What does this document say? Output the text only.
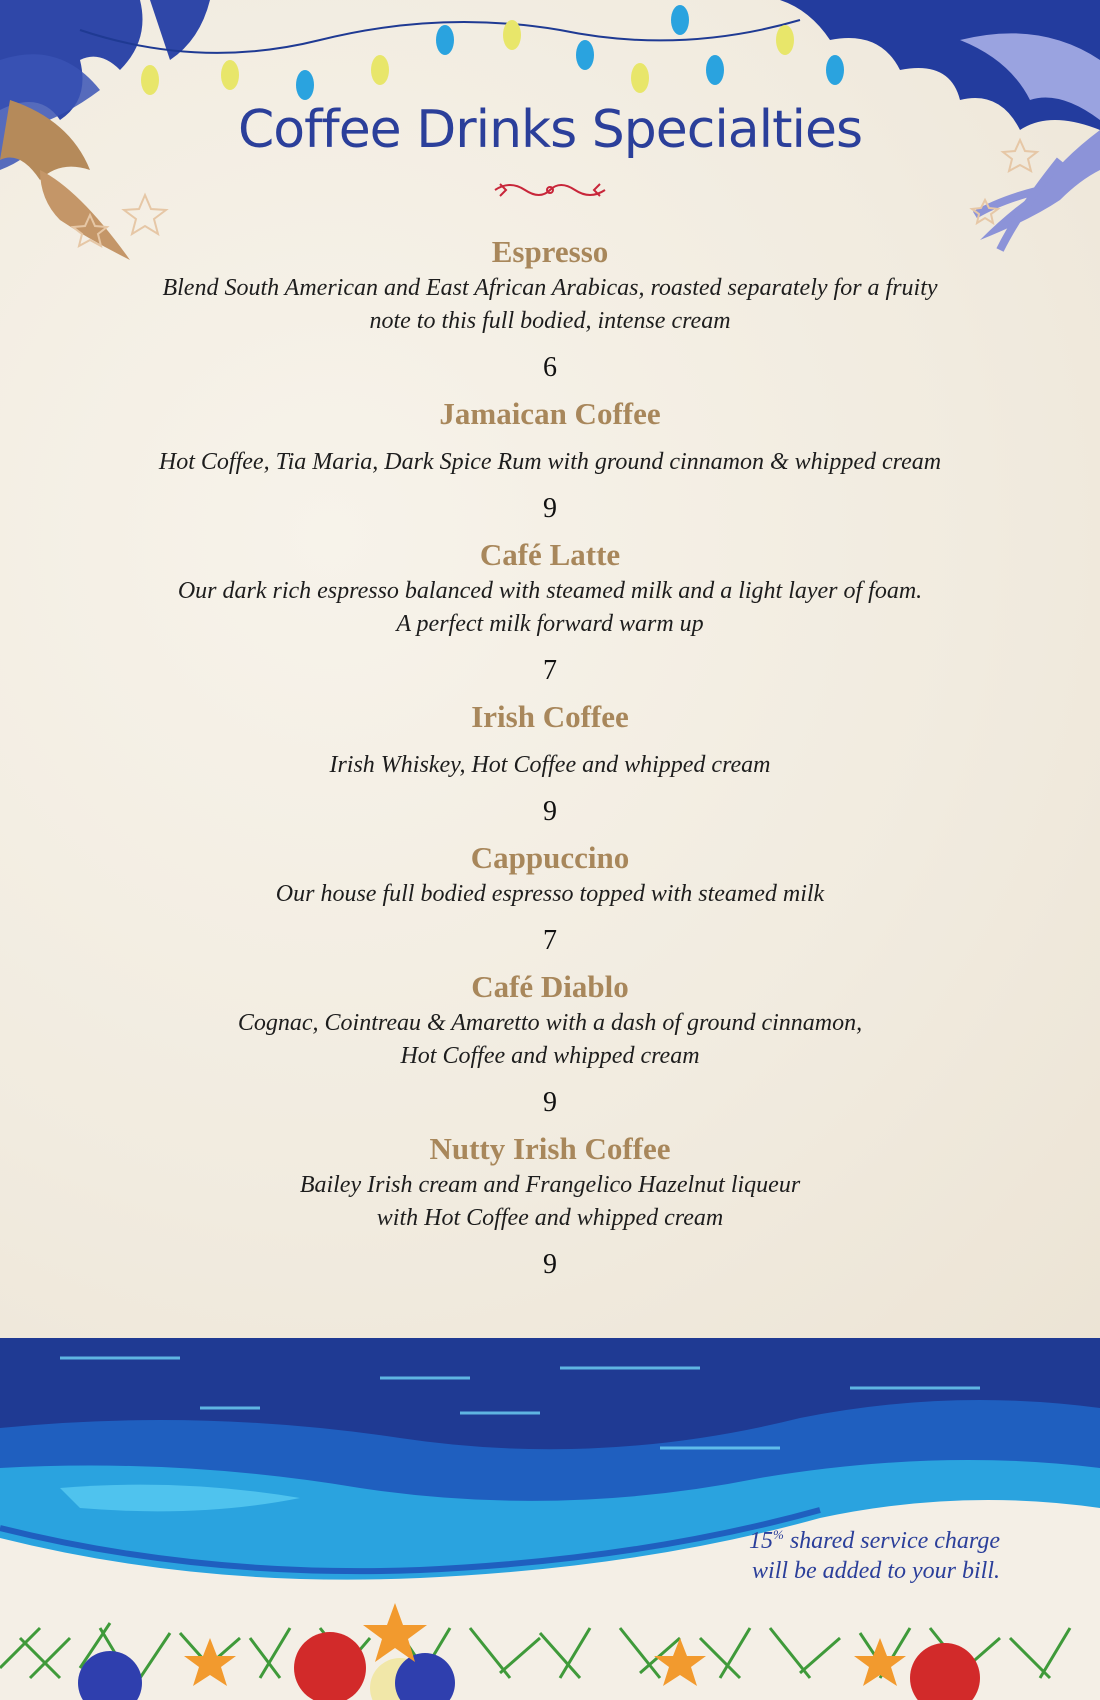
Coffee Drinks Specialties
Espresso
Blend South American and East African Arabicas, roasted separately for a fruity
note to this full bodied, intense cream
6
Jamaican Coffee
Hot Coffee, Tia Maria, Dark Spice Rum with ground cinnamon & whipped cream
9
Café Latte
Our dark rich espresso balanced with steamed milk and a light layer of foam.
A perfect milk forward warm up
7
Irish Coffee
Irish Whiskey, Hot Coffee and whipped cream
9
Cappuccino
Our house full bodied espresso topped with steamed milk
7
Café Diablo
Cognac, Cointreau & Amaretto with a dash of ground cinnamon,
Hot Coffee and whipped cream
9
Nutty Irish Coffee
Bailey Irish cream and Frangelico Hazelnut liqueur
with Hot Coffee and whipped cream
9
15% shared service charge
will be added to your bill.
